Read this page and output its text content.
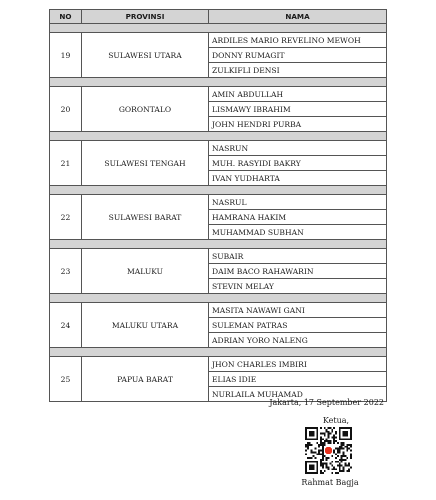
NO	PROVINSI	NAMA

19	SULAWESI UTARA	ARDILES MARIO REVELINO MEWOH
		DONNY RUMAGIT
		ZULKIFLI DENSI

20	GORONTALO	AMIN ABDULLAH
		LISMAWY IBRAHIM
		JOHN HENDRI PURBA

21	SULAWESI TENGAH	NASRUN
		MUH. RASYIDI BAKRY
		IVAN YUDHARTA

22	SULAWESI BARAT	NASRUL
		HAMRANA HAKIM
		MUHAMMAD SUBHAN

23	MALUKU	SUBAIR
		DAIM BACO RAHAWARIN
		STEVIN MELAY

24	MALUKU UTARA	MASITA NAWAWI GANI
		SULEMAN PATRAS
		ADRIAN YORO NALENG

25	PAPUA BARAT	JHON CHARLES IMBIRI
		ELIAS IDIE
		NURLAILA MUHAMAD
Jakarta, 17 September 2022
Ketua,
Rahmat Bagja
